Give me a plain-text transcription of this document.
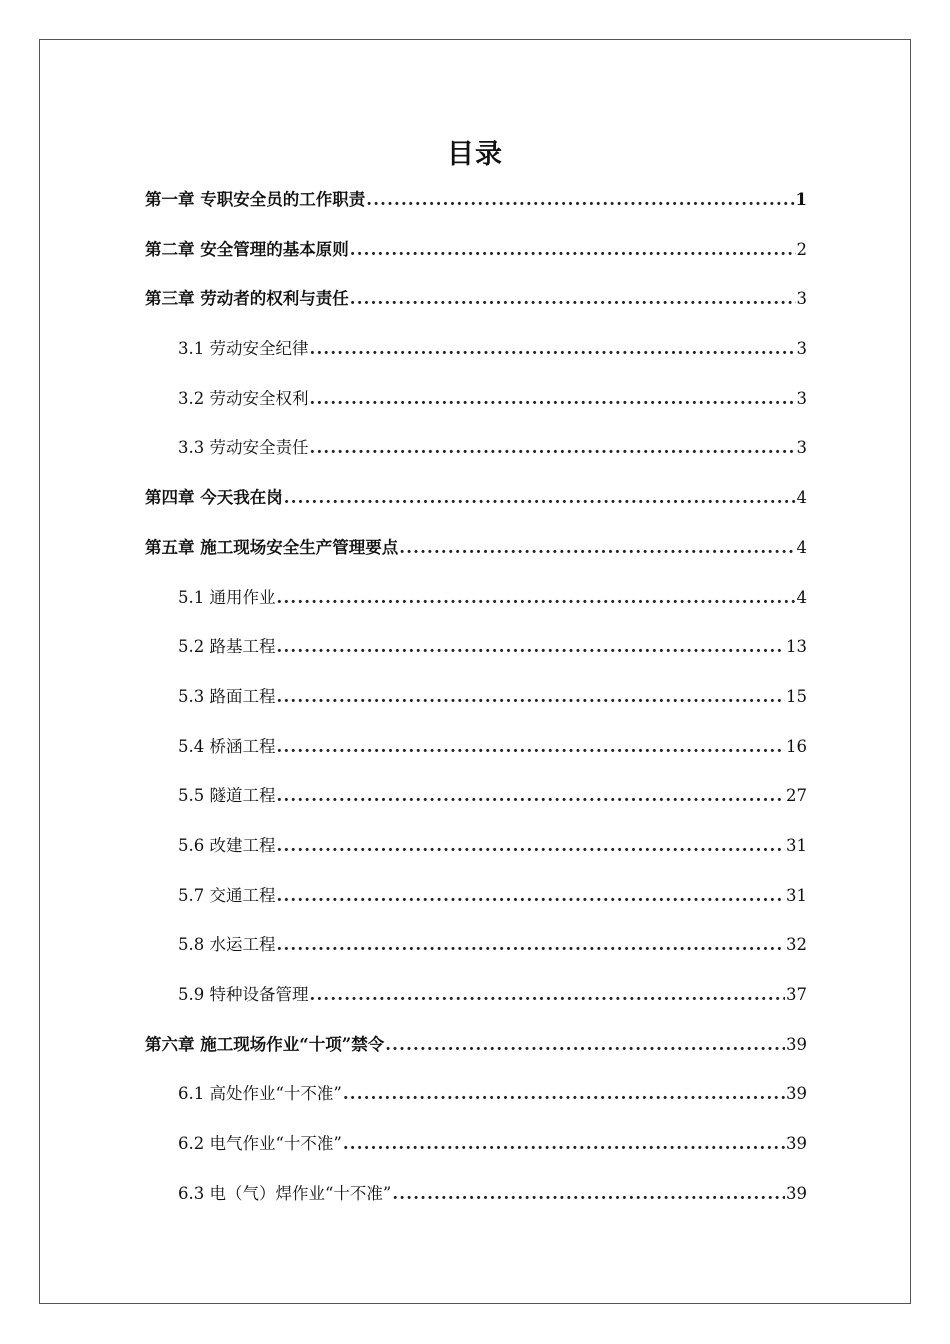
目录
第一章 专职安全员的工作职责 .....	1
第二章 安全管理的基本原则 .....	2
第三章 劳动者的权利与责任 .....	3
3.1 劳动安全纪律 .....	3
3.2 劳动安全权利 .....	3
3.3 劳动安全责任 .....	3
第四章 今天我在岗 .....	4
第五章 施工现场安全生产管理要点 .....	4
5.1 通用作业 .....	4
5.2 路基工程 .....	13
5.3 路面工程 .....	15
5.4 桥涵工程 .....	16
5.5 隧道工程 .....	27
5.6 改建工程 .....	31
5.7 交通工程 .....	31
5.8 水运工程 .....	32
5.9 特种设备管理 .....	37
第六章 施工现场作业“十项”禁令 .....	39
6.1 高处作业“十不准” .....	39
6.2 电气作业“十不准” .....	39
6.3 电（气）焊作业“十不准” .....	39
